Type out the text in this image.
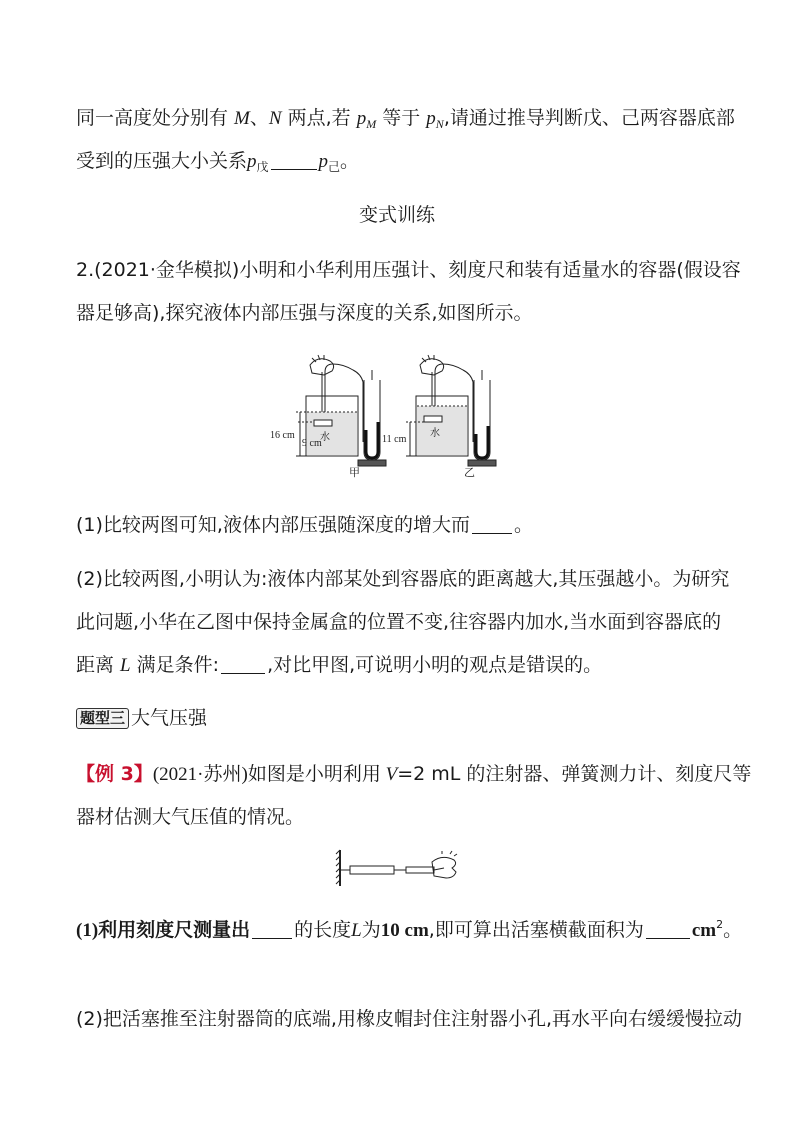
同一高度处分别有 M、N 两点,若 $p_M$ 等于 $p_N$,请通过推导判断戊、己两容器底部
受到的压强大小关系$p_戊$	$p_己$。
变式训练
2.(2021·金华模拟)小明和小华利用压强计、刻度尺和装有适量水的容器(假设容
器足够高),探究液体内部压强与深度的关系,如图所示。
16 cm
9 cm	11 cm
水	水
甲	乙
(1)比较两图可知,液体内部压强随深度的增大而 。
(2)比较两图,小明认为:液体内部某处到容器底的距离越大,其压强越小。为研究
此问题,小华在乙图中保持金属盒的位置不变,往容器内加水,当水面到容器底的
距离 L 满足条件:	,对比甲图,可说明小明的观点是错误的。
题型三 大气压强
【例 3】(2021·苏州)如图是小明利用 V=2 mL 的注射器、弹簧测力计、刻度尺等
器材估测大气压值的情况。
(1)利用刻度尺测量出 的长度L为10 cm,即可算出活塞横截面积为	$cm^2$。
(2)把活塞推至注射器筒的底端,用橡皮帽封住注射器小孔,再水平向右缓缓慢拉动
